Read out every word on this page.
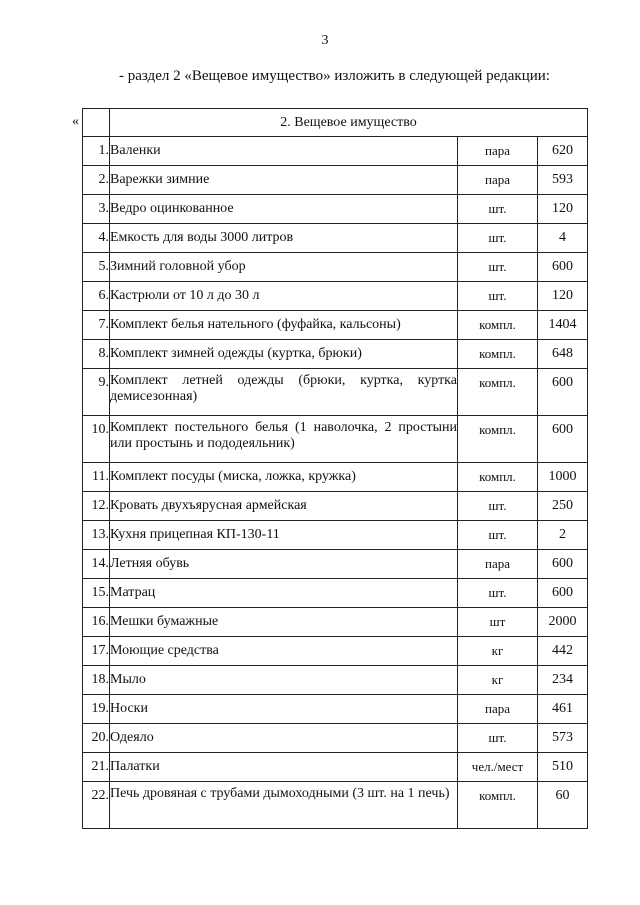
3
- раздел 2 «Вещевое имущество» изложить в следующей редакции:
«
		2. Вещевое имущество		
1.	Валенки	пара	620
2.	Варежки зимние	пара	593
3.	Ведро оцинкованное	шт.	120
4.	Емкость для воды 3000 литров	шт.	4
5.	Зимний головной убор	шт.	600
6.	Кастрюли от 10 л до 30 л	шт.	120
7.	Комплект белья нательного (фуфайка, кальсоны)	компл.	1404
8.	Комплект зимней одежды (куртка, брюки)	компл.	648
9.	Комплект летней одежды (брюки, куртка, куртка демисезонная)	компл.	600
10.	Комплект постельного белья (1 наволочка, 2 простыни или простынь и пододеяльник)	компл.	600
11.	Комплект посуды (миска, ложка, кружка)	компл.	1000
12.	Кровать двухъярусная армейская	шт.	250
13.	Кухня прицепная КП-130-11	шт.	2
14.	Летняя обувь	пара	600
15.	Матрац	шт.	600
16.	Мешки бумажные	шт	2000
17.	Моющие средства	кг	442
18.	Мыло	кг	234
19.	Носки	пара	461
20.	Одеяло	шт.	573
21.	Палатки	чел./мест	510
22.	Печь дровяная с трубами дымоходными (3 шт. на 1 печь)	компл.	60
